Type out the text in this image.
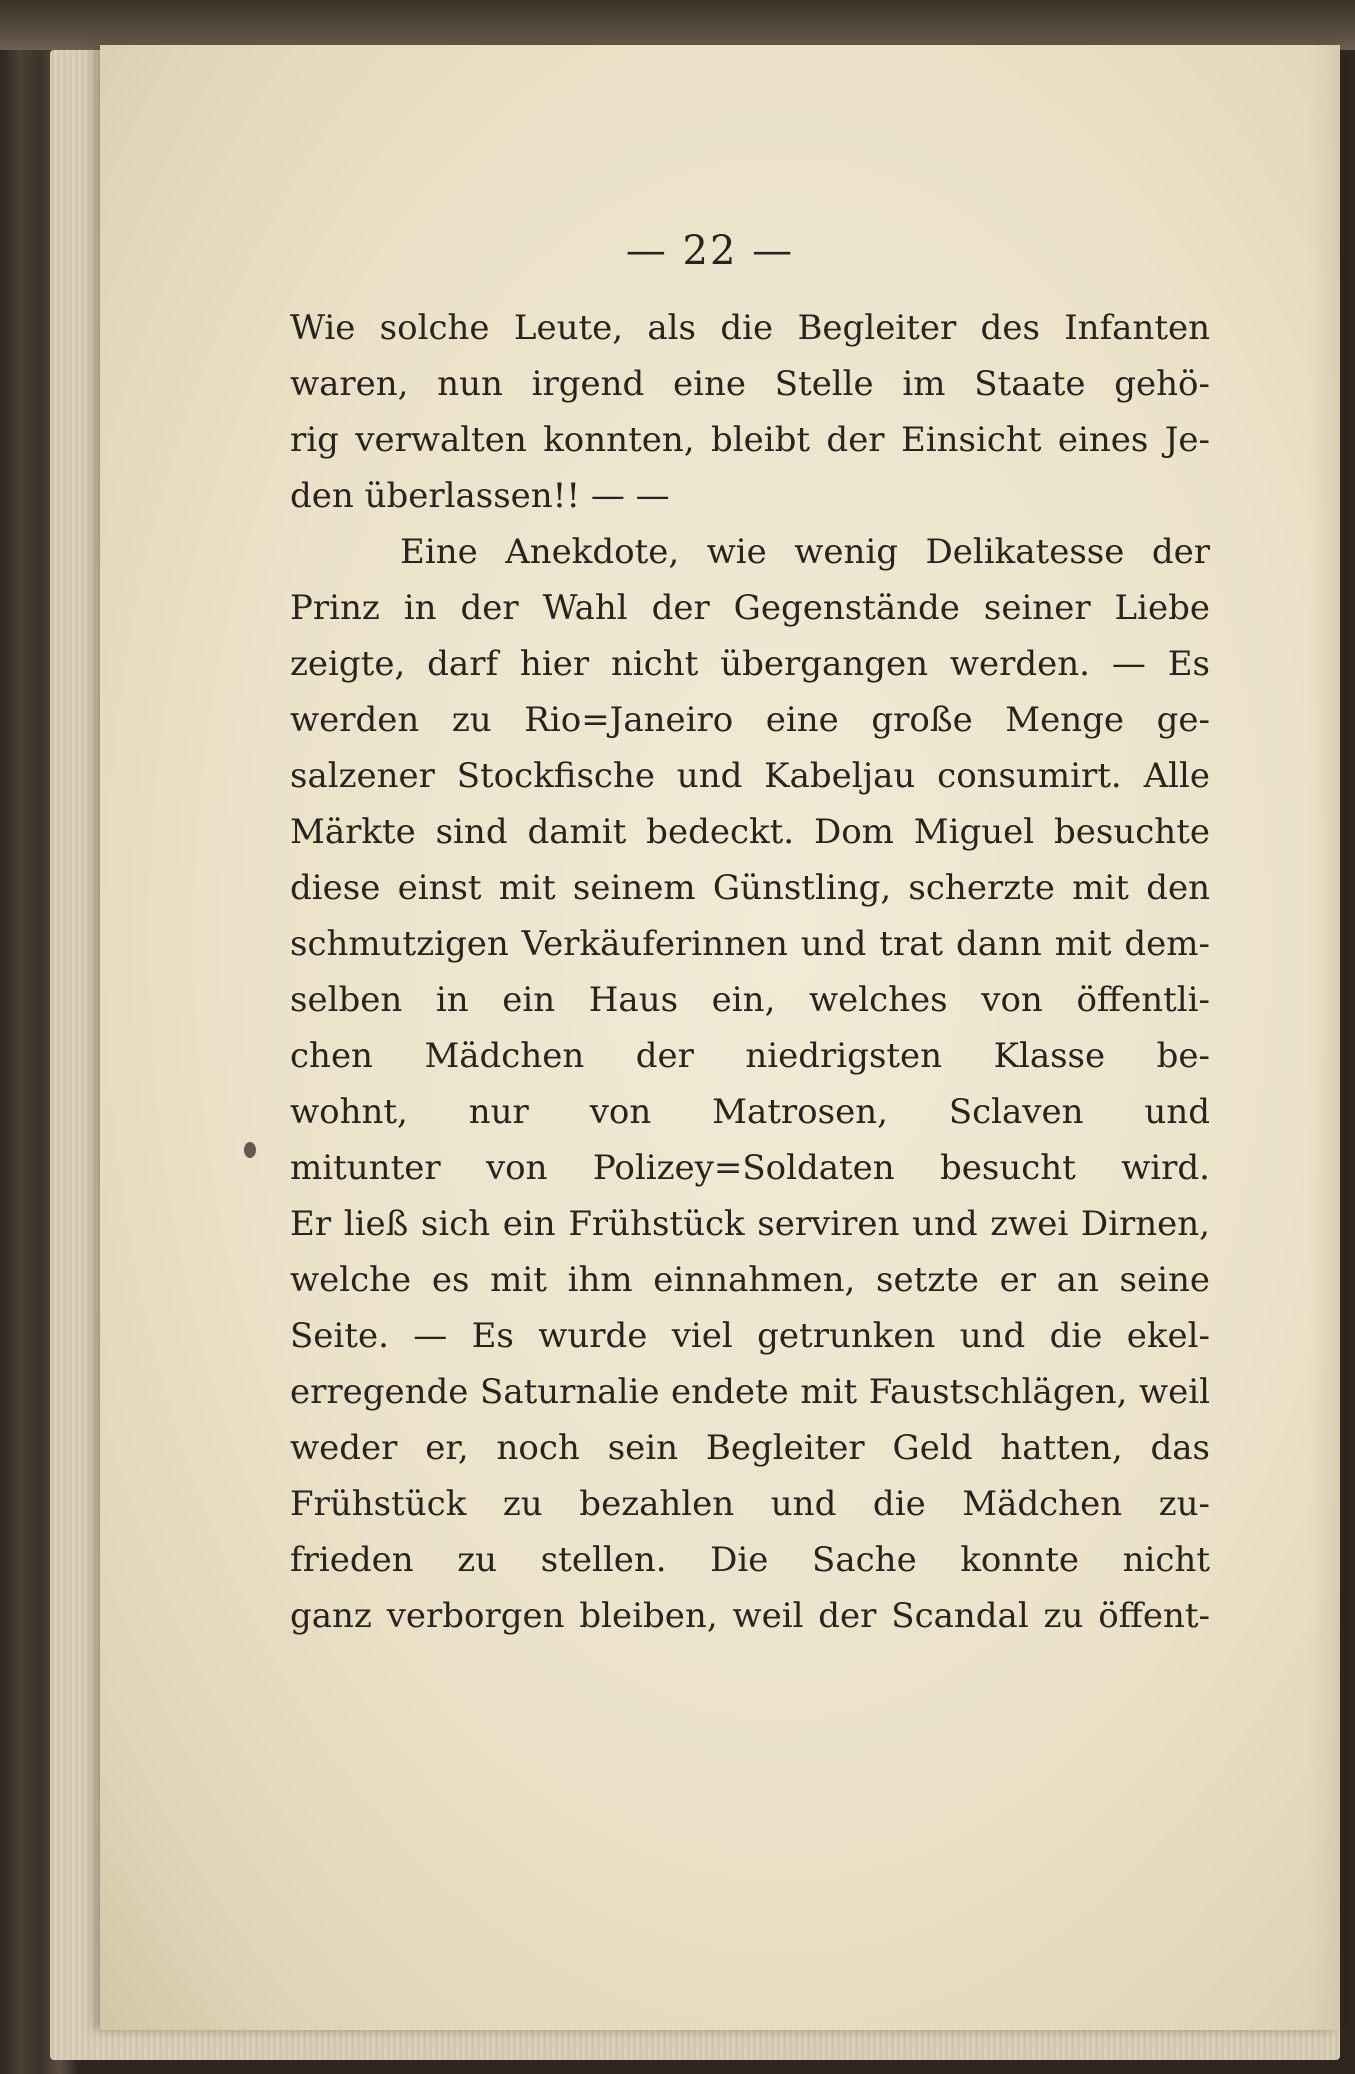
— 22 —
Wie solche Leute, als die Begleiter des Infanten
waren, nun irgend eine Stelle im Staate gehö-
rig verwalten konnten, bleibt der Einsicht eines Je-
den überlassen!! — —
Eine Anekdote, wie wenig Delikatesse der
Prinz in der Wahl der Gegenstände seiner Liebe
zeigte, darf hier nicht übergangen werden. — Es
werden zu Rio=Janeiro eine große Menge ge-
salzener Stockfische und Kabeljau consumirt. Alle
Märkte sind damit bedeckt. Dom Miguel besuchte
diese einst mit seinem Günstling, scherzte mit den
schmutzigen Verkäuferinnen und trat dann mit dem-
selben in ein Haus ein, welches von öffentli-
chen Mädchen der niedrigsten Klasse be-
wohnt, nur von Matrosen, Sclaven und
mitunter von Polizey=Soldaten besucht wird.
Er ließ sich ein Frühstück serviren und zwei Dirnen,
welche es mit ihm einnahmen, setzte er an seine
Seite. — Es wurde viel getrunken und die ekel-
erregende Saturnalie endete mit Faustschlägen, weil
weder er, noch sein Begleiter Geld hatten, das
Frühstück zu bezahlen und die Mädchen zu-
frieden zu stellen. Die Sache konnte nicht
ganz verborgen bleiben, weil der Scandal zu öffent-
